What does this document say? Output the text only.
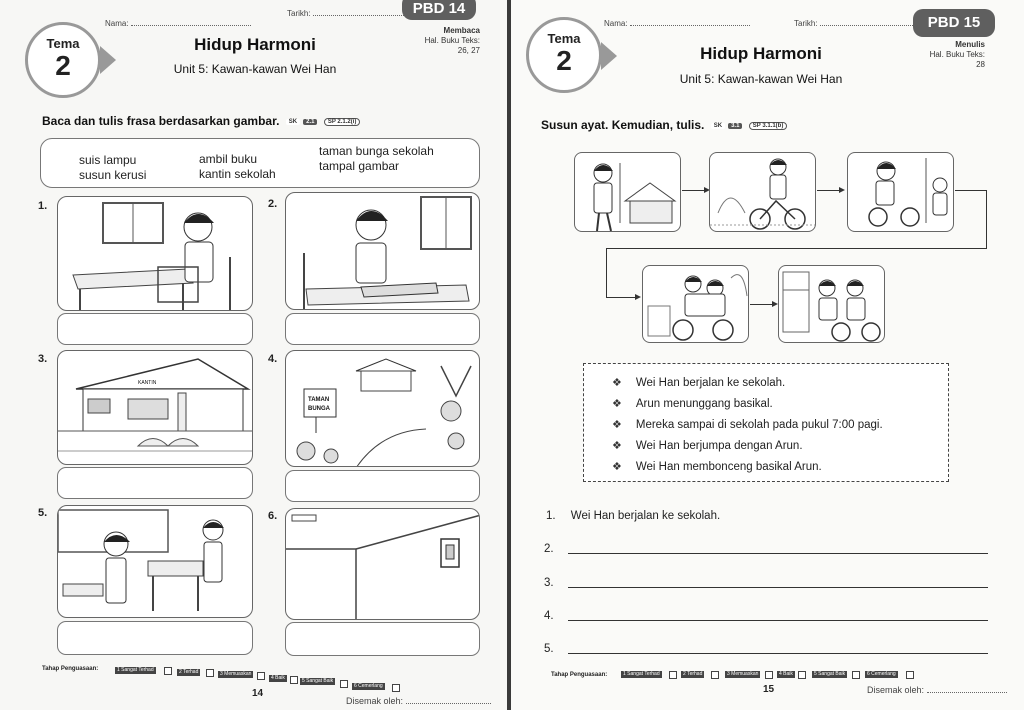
Nama:
Tarikh:	PBD 14
Tema
2
Hidup Harmoni
Unit 5: Kawan-kawan Wei Han
Membaca
Hal. Buku Teks:
26, 27
Baca dan tulis frasa berdasarkan gambar. SK 2.1 SP 2.1.2(i)
suis lampu
susun kerusi
ambil buku
kantin sekolah
taman bunga sekolah
tampal gambar
1.	2.
3.
KANTIN
4.
TAMAN
BUNGA
5.	6.
Tahap Penguasaan:	1 Sangat Terhad	2 Terhad	3 Memuaskan
4 Baik	5 Sangat Baik
6 Cemerlang
14
Disemak oleh:
Nama:	Tarikh:	PBD 15
Tema
2	Hidup Harmoni
Unit 5: Kawan-kawan Wei Han
Menulis
Hal. Buku Teks:
28
Susun ayat. Kemudian, tulis. SK 3.1 SP 3.1.1(b)
❖ Wei Han berjalan ke sekolah.
❖ Arun menunggang basikal.
❖ Mereka sampai di sekolah pada pukul 7:00 pagi.
❖ Wei Han berjumpa dengan Arun.
❖ Wei Han membonceng basikal Arun.
1. Wei Han berjalan ke sekolah.
2.
3.
4.
5.
Tahap Penguasaan:	1 Sangat Terhad	2 Terhad	3 Memuaskan	4 Baik	5 Sangat Baik	6 Cemerlang
15	Disemak oleh:
